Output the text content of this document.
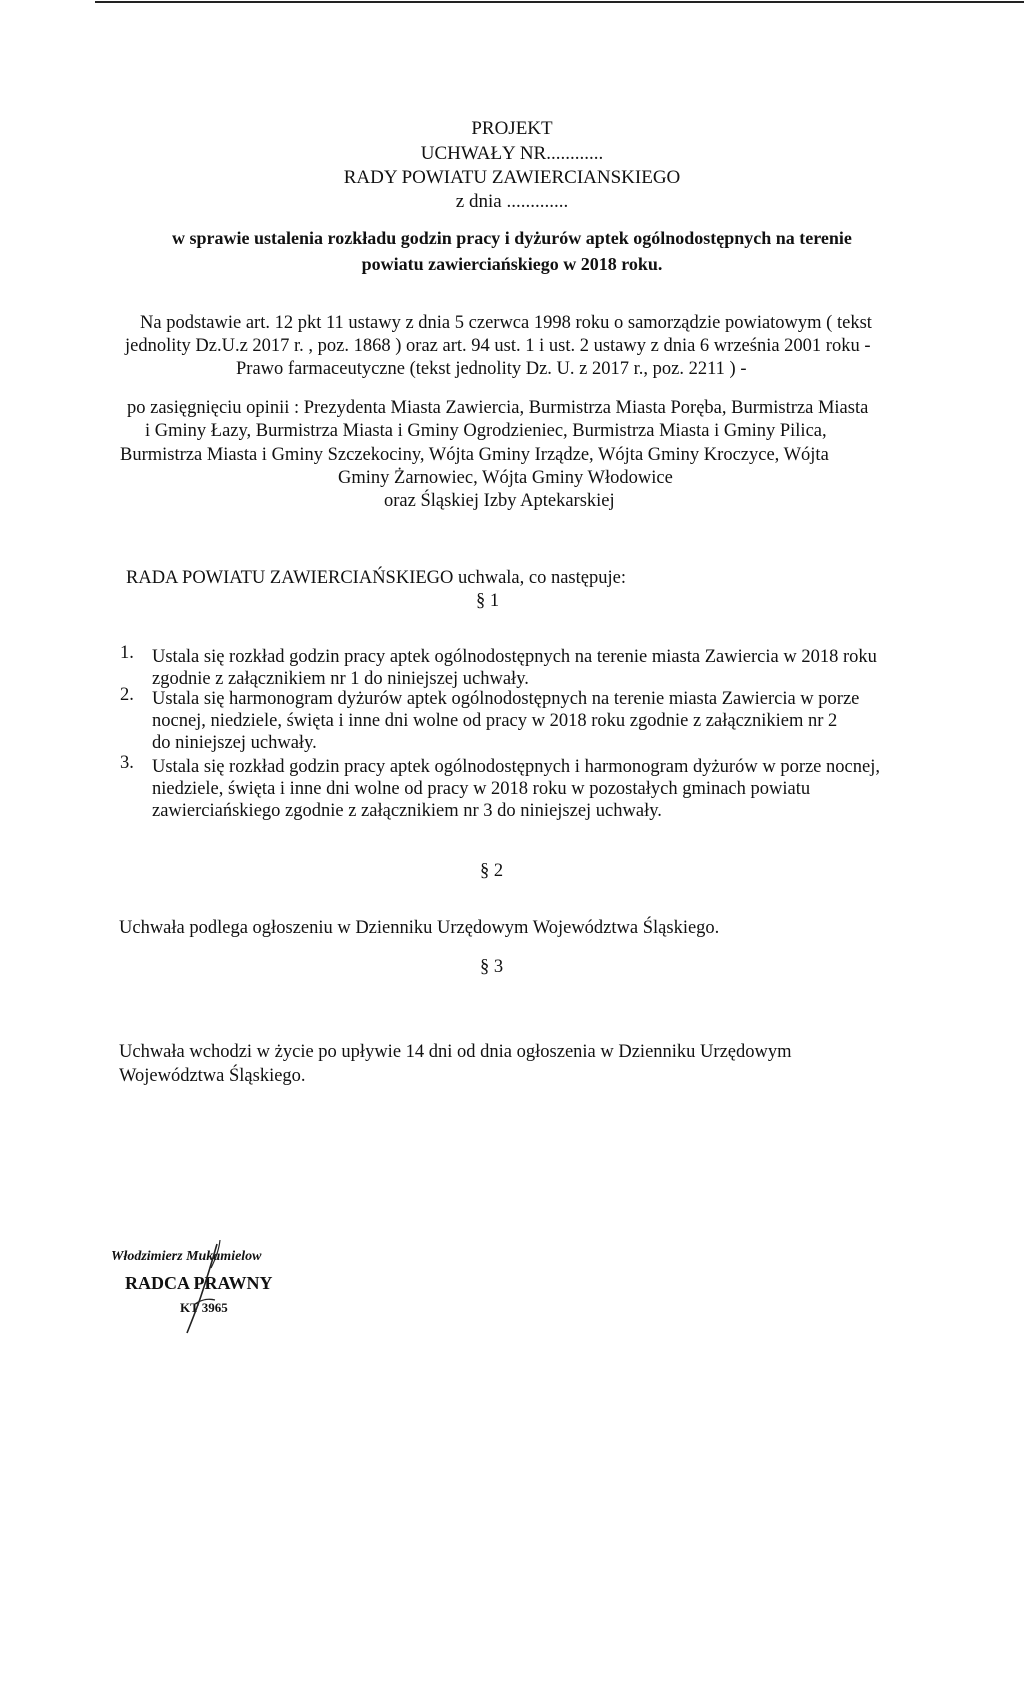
PROJEKT
UCHWAŁY NR............
RADY POWIATU ZAWIERCIANSKIEGO
z dnia .............
w sprawie ustalenia rozkładu godzin pracy i dyżurów aptek ogólnodostępnych na terenie
powiatu zawierciańskiego w 2018 roku.
Na podstawie art. 12 pkt 11 ustawy z dnia 5 czerwca 1998 roku o samorządzie powiatowym ( tekst
jednolity Dz.U.z 2017 r. , poz. 1868 ) oraz art. 94 ust. 1 i ust. 2 ustawy z dnia 6 września 2001 roku -
Prawo farmaceutyczne (tekst jednolity Dz. U. z 2017 r., poz. 2211 ) -
po zasięgnięciu opinii : Prezydenta Miasta Zawiercia, Burmistrza Miasta Poręba, Burmistrza Miasta
i Gminy Łazy, Burmistrza Miasta i Gminy Ogrodzieniec, Burmistrza Miasta i Gminy Pilica,
Burmistrza Miasta i Gminy Szczekociny, Wójta Gminy Irządze, Wójta Gminy Kroczyce, Wójta
Gminy Żarnowiec, Wójta Gminy Włodowice
oraz Śląskiej Izby Aptekarskiej
RADA POWIATU ZAWIERCIAŃSKIEGO uchwala, co następuje:
§ 1
1. Ustala się rozkład godzin pracy aptek ogólnodostępnych na terenie miasta Zawiercia w 2018 roku
zgodnie z załącznikiem nr 1 do niniejszej uchwały.
2. Ustala się harmonogram dyżurów aptek ogólnodostępnych na terenie miasta Zawiercia w porze
nocnej, niedziele, święta i inne dni wolne od pracy w 2018 roku zgodnie z załącznikiem nr 2
do niniejszej uchwały.
3. Ustala się rozkład godzin pracy aptek ogólnodostępnych i harmonogram dyżurów w porze nocnej,
niedziele, święta i inne dni wolne od pracy w 2018 roku w pozostałych gminach powiatu
zawierciańskiego zgodnie z załącznikiem nr 3 do niniejszej uchwały.
§ 2
Uchwała podlega ogłoszeniu w Dzienniku Urzędowym Województwa Śląskiego.
§ 3
Uchwała wchodzi w życie po upływie 14 dni od dnia ogłoszenia w Dzienniku Urzędowym
Województwa Śląskiego.
Włodzimierz Mukamielow
RADCA PRAWNY
KT 3965
